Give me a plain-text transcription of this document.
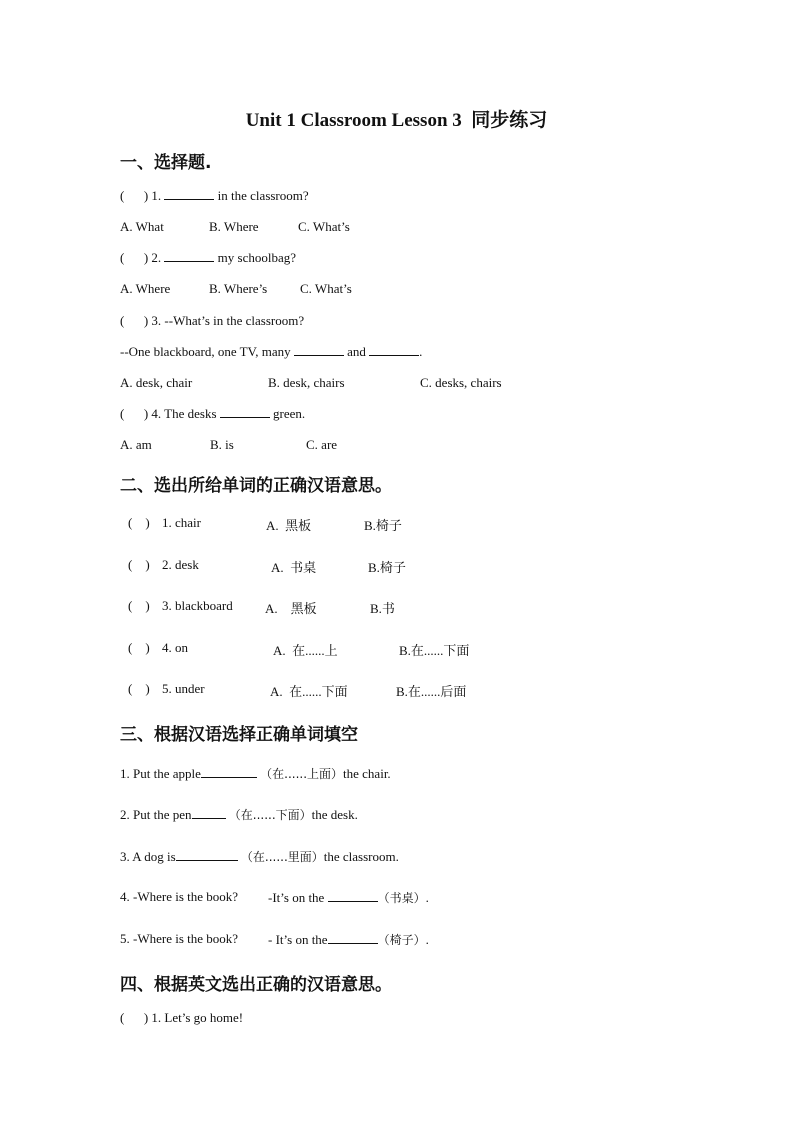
Unit 1 Classroom Lesson 3 同步练习
一、选择题.
(      ) 1.	in the classroom?
A. What	B. Where	C. What’s
(      ) 2.	my schoolbag?
A. Where	B. Where’s	C. What’s
(      ) 3. --What’s in the classroom?
--One blackboard, one TV, many	and	.
A. desk, chair	B. desk, chairs	C. desks, chairs
(      ) 4. The desks	green.
A. am	B. is	C. are
二、选出所给单词的正确汉语意思。
(    ) 1. chair	A.  黑板	B.椅子
(    ) 2. desk	A.  书桌	B.椅子
(    ) 3. blackboard A.    黑板	B.书
(    ) 4. on	A.  在......上	B.在......下面
(    ) 5. under	A.  在......下面	B.在......后面
三、根据汉语选择正确单词填空
1. Put the apple	（在......上面）the chair.
2. Put the pen	（在......下面）the desk.
3. A dog is	（在......里面）the classroom.
4. -Where is the book? -It’s on the	（书桌）.
5. -Where is the book? - It’s on the	（椅子）.
四、根据英文选出正确的汉语意思。
(      ) 1. Let’s go home!
